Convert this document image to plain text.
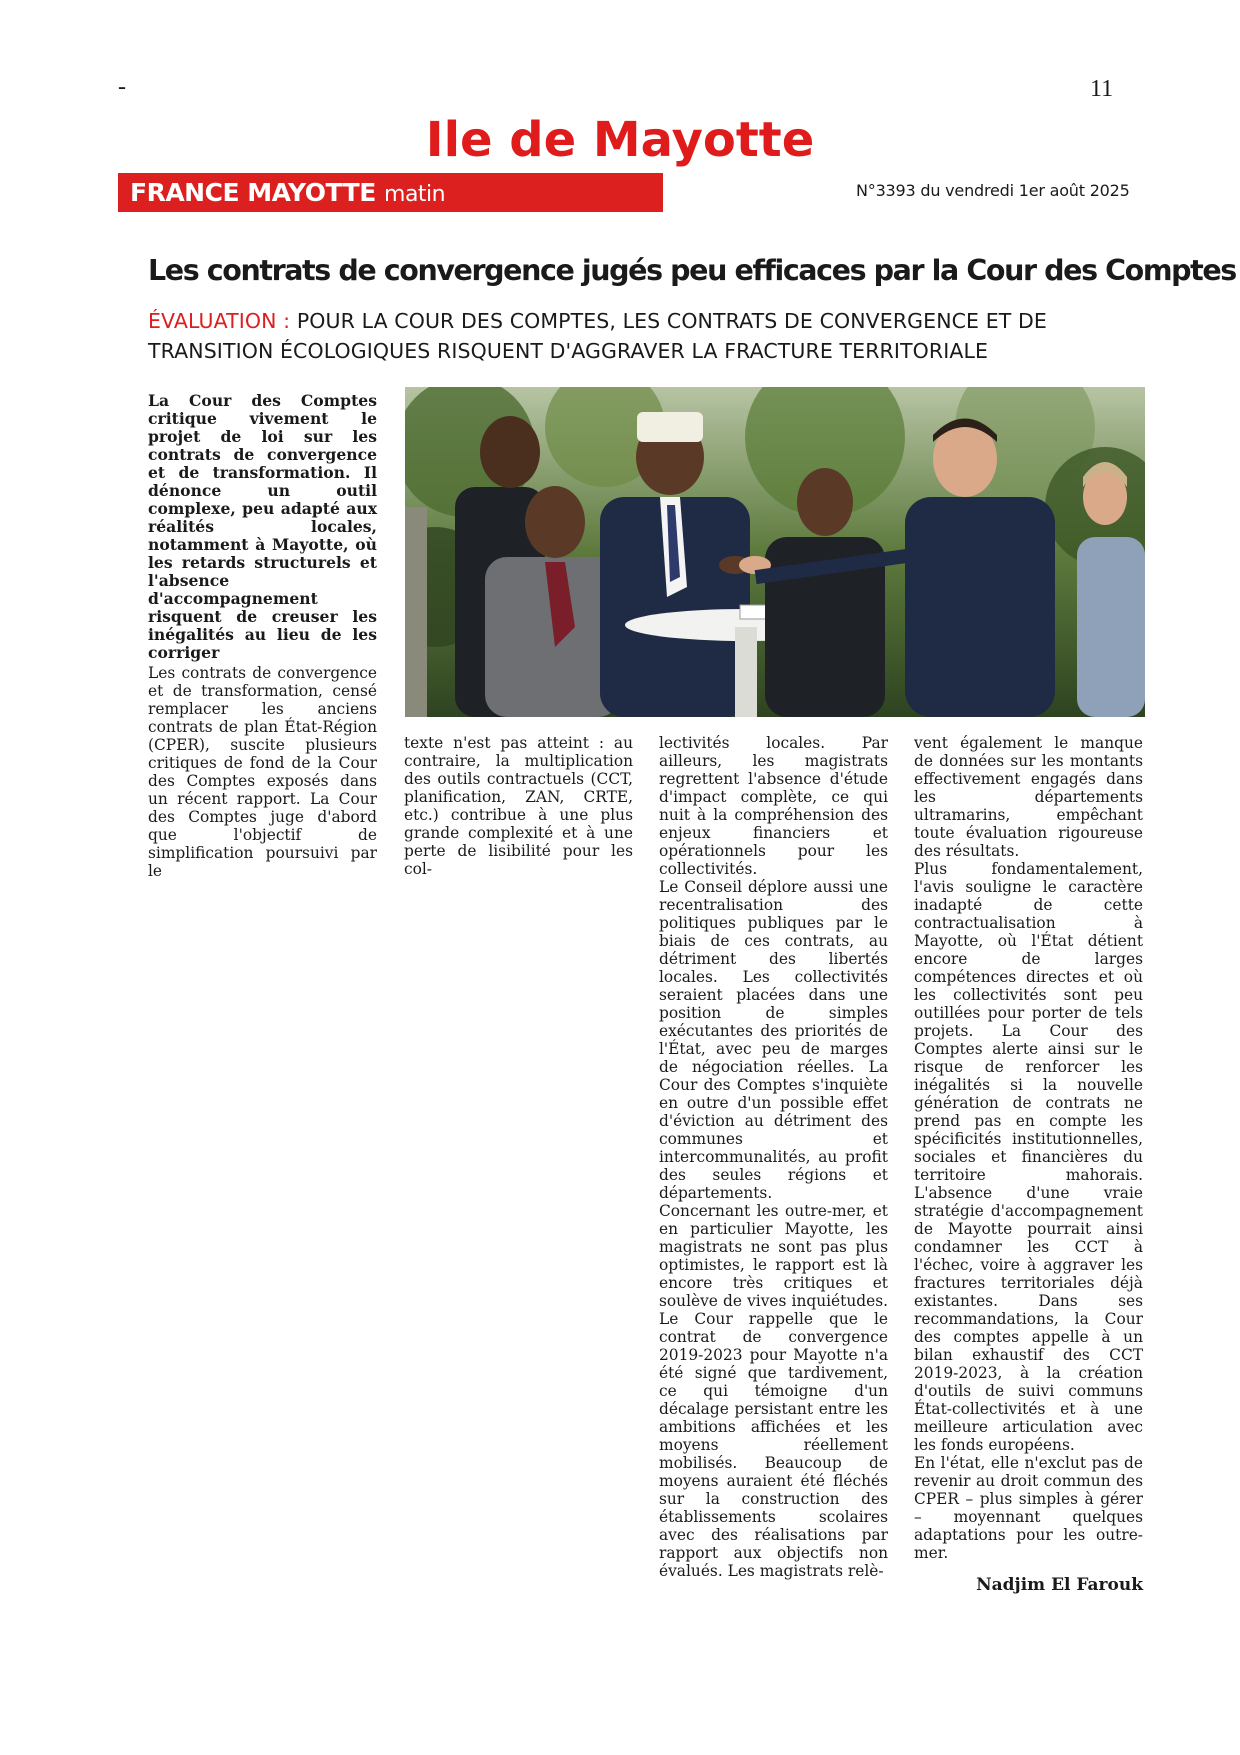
-	11
Ile de Mayotte
FRANCE MAYOTTE matin	N°3393 du vendredi 1er août 2025
Les contrats de convergence jugés peu efficaces par la Cour des Comptes
ÉVALUATION : POUR LA COUR DES COMPTES, LES CONTRATS DE CONVERGENCE ET DE TRANSITION ÉCOLOGIQUES RISQUENT D'AGGRAVER LA FRACTURE TERRITORIALE

La Cour des Comptes critique vivement le projet de loi sur les contrats de convergence et de transformation. Il dénonce un outil complexe, peu adapté aux réalités locales, notamment à Mayotte, où les retards structurels et l'absence d'accompagnement risquent de creuser les inégalités au lieu de les corriger

Les contrats de convergence et de transformation, censé remplacer les anciens contrats de plan État-Région (CPER), suscite plusieurs critiques de fond de la Cour des Comptes exposés dans un récent rapport. La Cour des Comptes juge d'abord que l'objectif de simplification poursuivi par le

texte n'est pas atteint : au contraire, la multiplication des outils contractuels (CCT, planification, ZAN, CRTE, etc.) contribue à une plus grande complexité et à une perte de lisibilité pour les col-

lectivités locales. Par ailleurs, les magistrats regrettent l'absence d'étude d'impact complète, ce qui nuit à la compréhension des enjeux financiers et opérationnels pour les collectivités.

Le Conseil déplore aussi une recentralisation des politiques publiques par le biais de ces contrats, au détriment des libertés locales. Les collectivités seraient placées dans une position de simples exécutantes des priorités de l'État, avec peu de marges de négociation réelles. La Cour des Comptes s'inquiète en outre d'un possible effet d'éviction au détriment des communes et intercommunalités, au profit des seules régions et départements.

Concernant les outre-mer, et en particulier Mayotte, les magistrats ne sont pas plus optimistes, le rapport est là encore très critiques et soulève de vives inquiétudes. Le Cour rappelle que le contrat de convergence 2019-2023 pour Mayotte n'a été signé que tardivement, ce qui témoigne d'un décalage persistant entre les ambitions affichées et les moyens réellement mobilisés. Beaucoup de moyens auraient été fléchés sur la construction des établissements scolaires avec des réalisations par rapport aux objectifs non évalués. Les magistrats relè-

vent également le manque de données sur les montants effectivement engagés dans les départements ultramarins, empêchant toute évaluation rigoureuse des résultats.

Plus fondamentalement, l'avis souligne le caractère inadapté de cette contractualisation à Mayotte, où l'État détient encore de larges compétences directes et où les collectivités sont peu outillées pour porter de tels projets. La Cour des Comptes alerte ainsi sur le risque de renforcer les inégalités si la nouvelle génération de contrats ne prend pas en compte les spécificités institutionnelles, sociales et financières du territoire mahorais. L'absence d'une vraie stratégie d'accompagnement de Mayotte pourrait ainsi condamner les CCT à l'échec, voire à aggraver les fractures territoriales déjà existantes. Dans ses recommandations, la Cour des comptes appelle à un bilan exhaustif des CCT 2019-2023, à la création d'outils de suivi communs État-collectivités et à une meilleure articulation avec les fonds européens.

En l'état, elle n'exclut pas de revenir au droit commun des CPER – plus simples à gérer – moyennant quelques adaptations pour les outre-mer.

Nadjim El Farouk
